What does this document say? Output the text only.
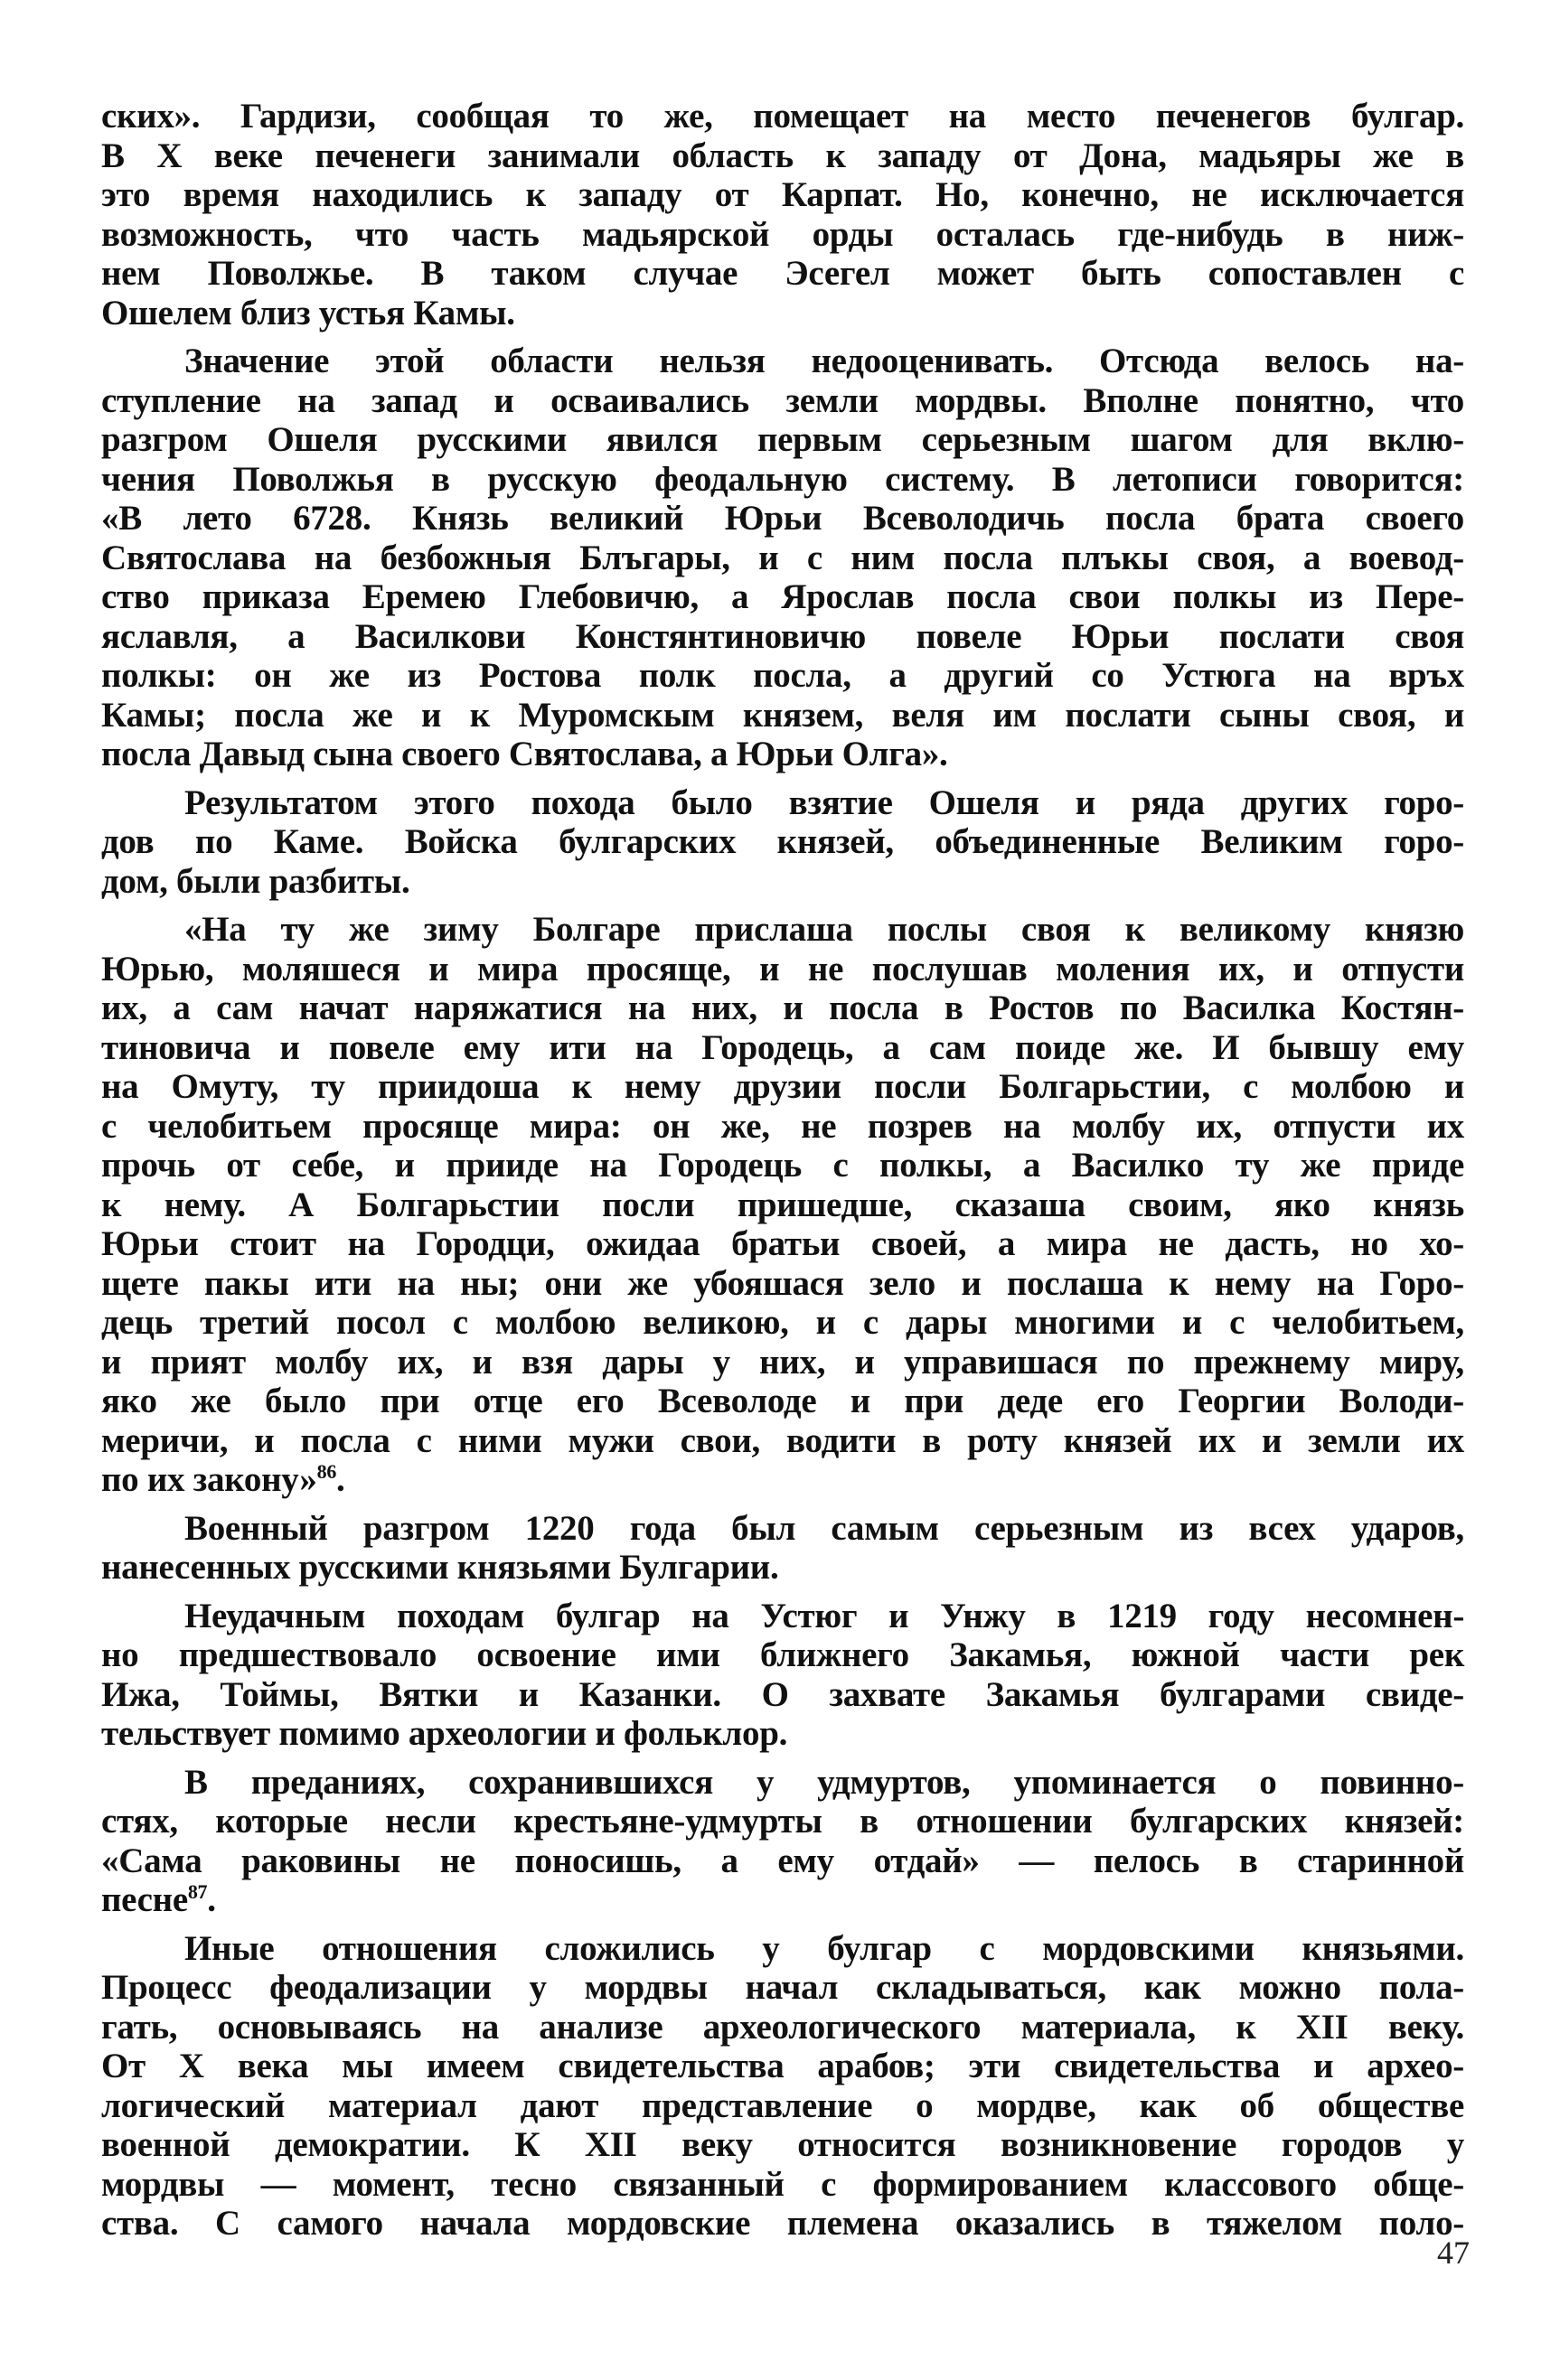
ских». Гардизи, сообщая то же, помещает на место печенегов булгар.
В X веке печенеги занимали область к западу от Дона, мадьяры же в
это время находились к западу от Карпат. Но, конечно, не исключается
возможность, что часть мадьярской орды осталась где-нибудь в ниж-
нем Поволжье. В таком случае Эсегел может быть сопоставлен с
Ошелем близ устья Камы.
Значение этой области нельзя недооценивать. Отсюда велось на-
ступление на запад и осваивались земли мордвы. Вполне понятно, что
разгром Ошеля русскими явился первым серьезным шагом для вклю-
чения Поволжья в русскую феодальную систему. В летописи говорится:
«В лето 6728. Князь великий Юрьи Всеволодичь посла брата своего
Святослава на безбожныя Блъгары, и с ним посла плъкы своя, а воевод-
ство приказа Еремею Глебовичю, а Ярослав посла свои полкы из Пере-
яславля, а Василкови Констянтиновичю повеле Юрьи послати своя
полкы: он же из Ростова полк посла, а другий со Устюга на връх
Камы; посла же и к Муромскым князем, веля им послати сыны своя, и
посла Давыд сына своего Святослава, а Юрьи Олга».
Результатом этого похода было взятие Ошеля и ряда других горо-
дов по Каме. Войска булгарских князей, объединенные Великим горо-
дом, были разбиты.
«На ту же зиму Болгаре прислаша послы своя к великому князю
Юрью, моляшеся и мира просяще, и не послушав моления их, и отпусти
их, а сам начат наряжатися на них, и посла в Ростов по Василка Костян-
тиновича и повеле ему ити на Городець, а сам поиде же. И бывшу ему
на Омуту, ту приидоша к нему друзии посли Болгарьстии, с молбою и
с челобитьем просяще мира: он же, не позрев на молбу их, отпусти их
прочь от себе, и прииде на Городець с полкы, а Василко ту же приде
к нему. А Болгарьстии посли пришедше, сказаша своим, яко князь
Юрьи стоит на Городци, ожидаа братьи своей, а мира не дасть, но хо-
щете пакы ити на ны; они же убояшася зело и послаша к нему на Горо-
дець третий посол с молбою великою, и с дары многими и с челобитьем,
и прият молбу их, и взя дары у них, и управишася по прежнему миру,
яко же было при отце его Всеволоде и при деде его Георгии Володи-
меричи, и посла с ними мужи свои, водити в роту князей их и земли их
по их закону»$^{86}$.
Военный разгром 1220 года был самым серьезным из всех ударов,
нанесенных русскими князьями Булгарии.
Неудачным походам булгар на Устюг и Унжу в 1219 году несомнен-
но предшествовало освоение ими ближнего Закамья, южной части рек
Ижа, Тоймы, Вятки и Казанки. О захвате Закамья булгарами свиде-
тельствует помимо археологии и фольклор.
В преданиях, сохранившихся у удмуртов, упоминается о повинно-
стях, которые несли крестьяне-удмурты в отношении булгарских князей:
«Сама раковины не поносишь, а ему отдай» — пелось в старинной
песне$^{87}$.
Иные отношения сложились у булгар с мордовскими князьями.
Процесс феодализации у мордвы начал складываться, как можно пола-
гать, основываясь на анализе археологического материала, к XII веку.
От X века мы имеем свидетельства арабов; эти свидетельства и архео-
логический материал дают представление о мордве, как об обществе
военной демократии. К XII веку относится возникновение городов у
мордвы — момент, тесно связанный с формированием классового обще-
ства. С самого начала мордовские племена оказались в тяжелом поло-
47
